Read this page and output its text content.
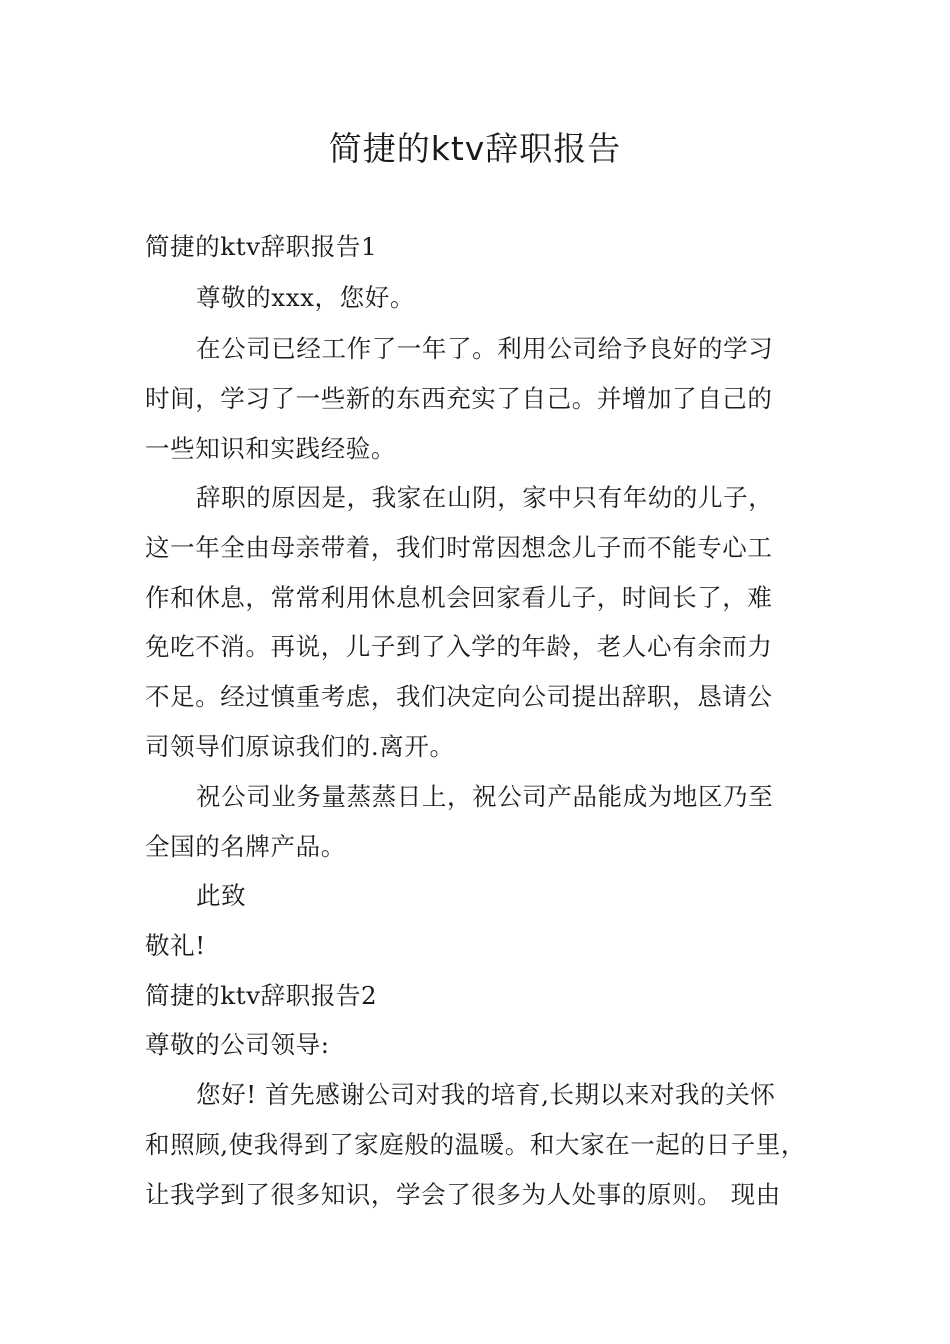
简捷的ktv辞职报告
简捷的ktv辞职报告1
尊敬的xxx，您好。
在公司已经工作了一年了。利用公司给予良好的学习
时间，学习了一些新的东西充实了自己。并增加了自己的
一些知识和实践经验。
辞职的原因是，我家在山阴，家中只有年幼的儿子，
这一年全由母亲带着，我们时常因想念儿子而不能专心工
作和休息，常常利用休息机会回家看儿子，时间长了，难
免吃不消。再说，儿子到了入学的年龄，老人心有余而力
不足。经过慎重考虑，我们决定向公司提出辞职，恳请公
司领导们原谅我们的.离开。
祝公司业务量蒸蒸日上，祝公司产品能成为地区乃至
全国的名牌产品。
此致
敬礼!
简捷的ktv辞职报告2
尊敬的公司领导:
您好! 首先感谢公司对我的培育,长期以来对我的关怀
和照顾,使我得到了家庭般的温暖。和大家在一起的日子里，
让我学到了很多知识，学会了很多为人处事的原则。 现由
